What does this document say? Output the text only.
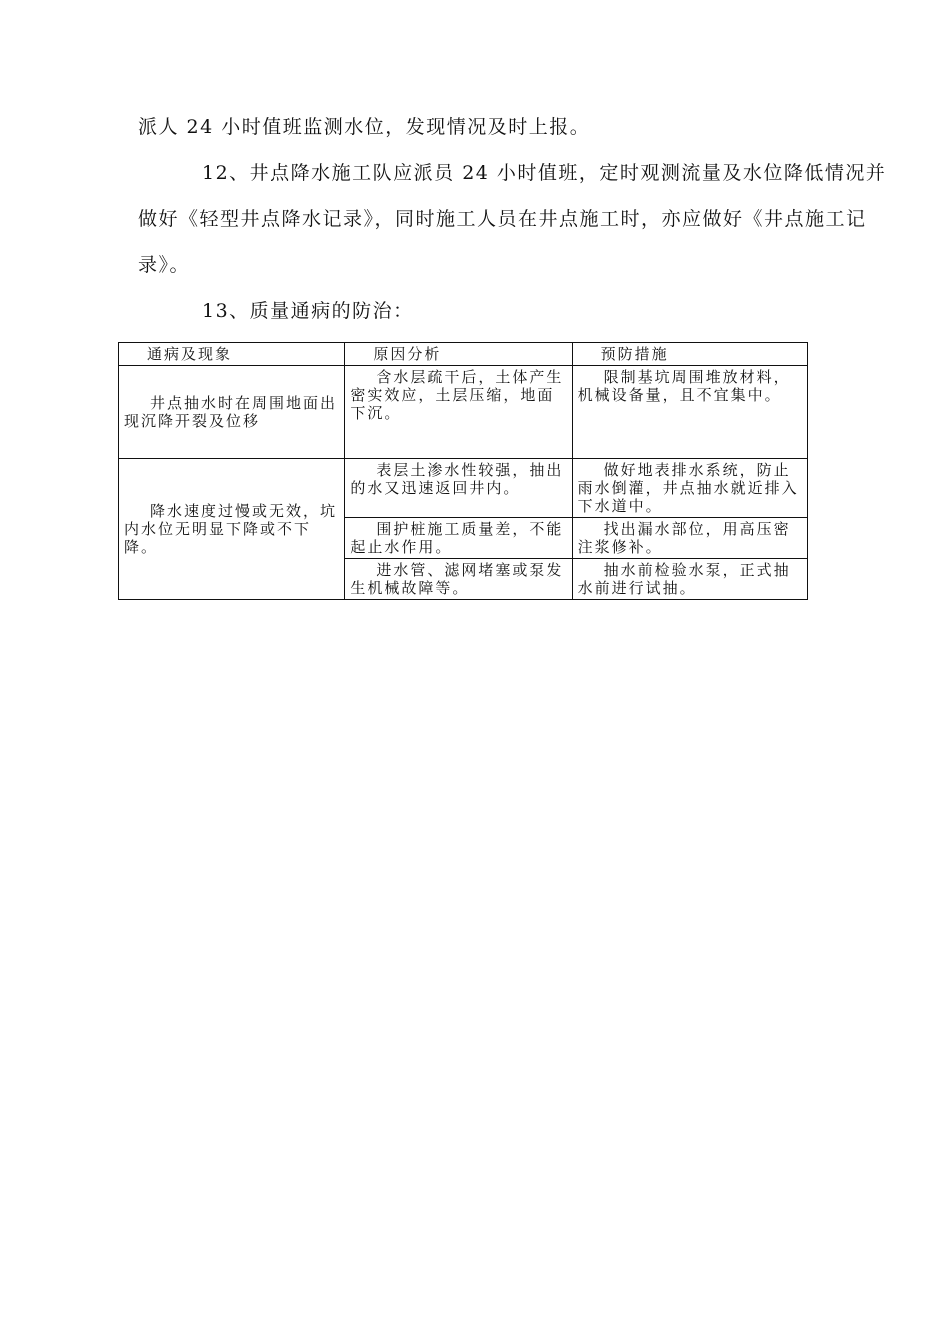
派人 24 小时值班监测水位，发现情况及时上报。

12、井点降水施工队应派员 24 小时值班，定时观测流量及水位降低情况并做好《轻型井点降水记录》，同时施工人员在井点施工时，亦应做好《井点施工记录》。

13、质量通病的防治：

通病及现象	原因分析	预防措施
井点抽水时在周围地面出现沉降开裂及位移	含水层疏干后，土体产生密实效应，土层压缩，地面下沉。	限制基坑周围堆放材料，机械设备量，且不宜集中。
降水速度过慢或无效，坑内水位无明显下降或不下降。	表层土渗水性较强，抽出的水又迅速返回井内。	做好地表排水系统，防止雨水倒灌，井点抽水就近排入下水道中。
	围护桩施工质量差，不能起止水作用。	找出漏水部位，用高压密注浆修补。
	进水管、滤网堵塞或泵发生机械故障等。	抽水前检验水泵，正式抽水前进行试抽。
